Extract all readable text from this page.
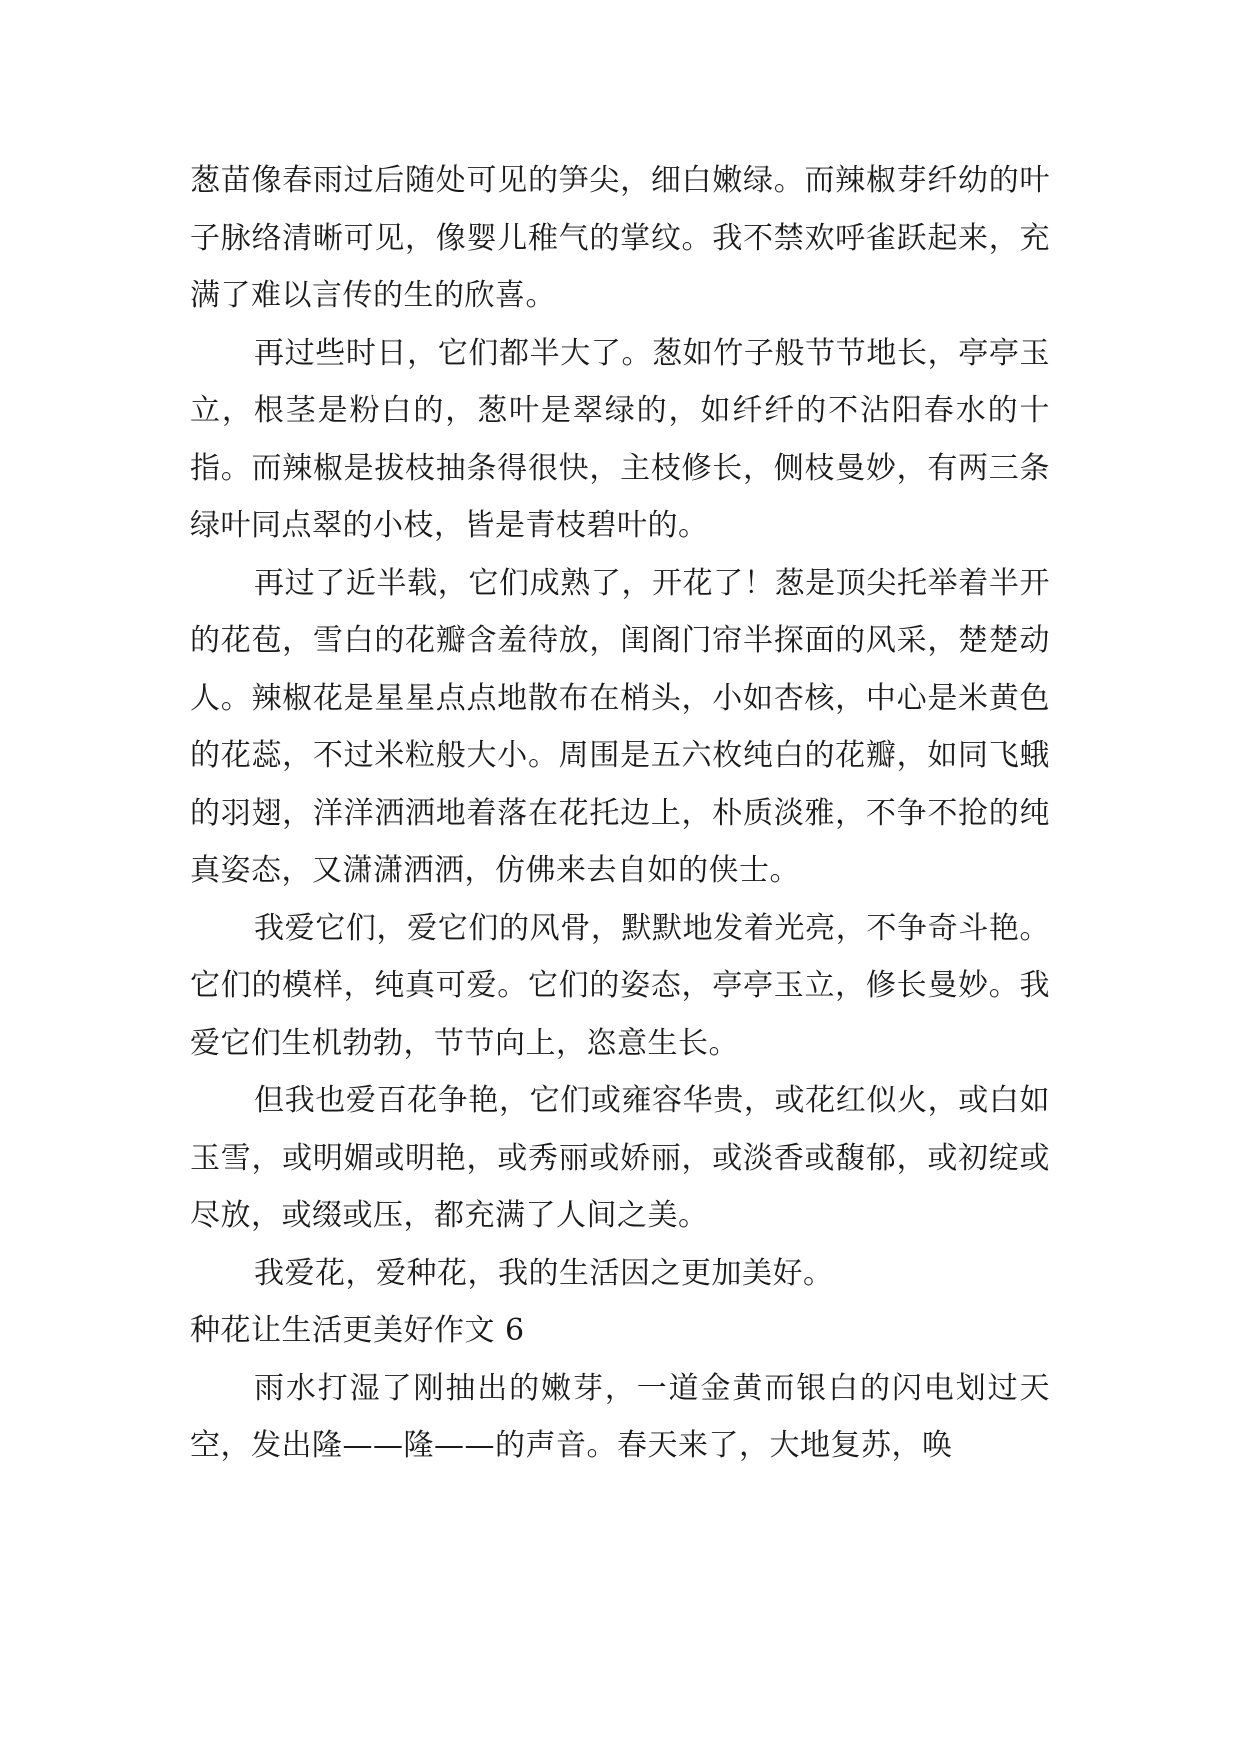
葱苗像春雨过后随处可见的笋尖，细白嫩绿。而辣椒芽纤幼的叶子脉络清晰可见，像婴儿稚气的掌纹。我不禁欢呼雀跃起来，充满了难以言传的生的欣喜。

再过些时日，它们都半大了。葱如竹子般节节地长，亭亭玉立，根茎是粉白的，葱叶是翠绿的，如纤纤的不沾阳春水的十指。而辣椒是拔枝抽条得很快，主枝修长，侧枝曼妙，有两三条绿叶同点翠的小枝，皆是青枝碧叶的。

再过了近半载，它们成熟了，开花了！葱是顶尖托举着半开的花苞，雪白的花瓣含羞待放，闺阁门帘半探面的风采，楚楚动人。辣椒花是星星点点地散布在梢头，小如杏核，中心是米黄色的花蕊，不过米粒般大小。周围是五六枚纯白的花瓣，如同飞蛾的羽翅，洋洋洒洒地着落在花托边上，朴质淡雅，不争不抢的纯真姿态，又潇潇洒洒，仿佛来去自如的侠士。

我爱它们，爱它们的风骨，默默地发着光亮，不争奇斗艳。它们的模样，纯真可爱。它们的姿态，亭亭玉立，修长曼妙。我爱它们生机勃勃，节节向上，恣意生长。

但我也爱百花争艳，它们或雍容华贵，或花红似火，或白如玉雪，或明媚或明艳，或秀丽或娇丽，或淡香或馥郁，或初绽或尽放，或缀或压，都充满了人间之美。

我爱花，爱种花，我的生活因之更加美好。

种花让生活更美好作文 6

雨水打湿了刚抽出的嫩芽，一道金黄而银白的闪电划过天空，发出隆——隆——的声音。春天来了，大地复苏，唤
